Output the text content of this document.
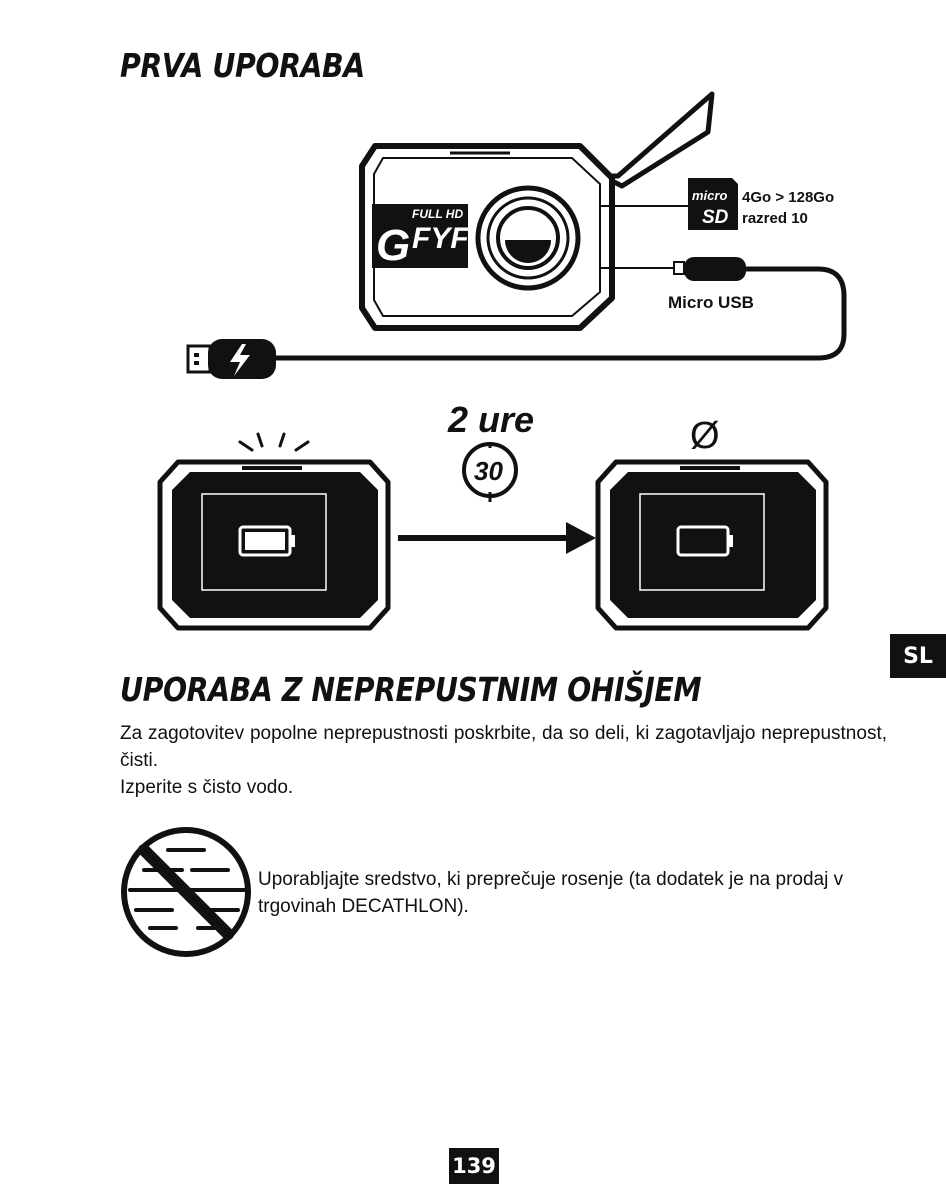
PRVA UPORABA
FULL HD
FYF
G
micro
SD
4Go > 128Go
razred 10
Micro USB
2 ure
30
Ø
SL
UPORABA Z NEPREPUSTNIM OHIŠJEM
Za zagotovitev popolne neprepustnosti poskrbite, da so deli, ki zagotavljajo neprepustnost, čisti.
Izperite s čisto vodo.
Uporabljajte sredstvo, ki preprečuje rosenje (ta dodatek je na prodaj v trgovinah DECATHLON).
139
